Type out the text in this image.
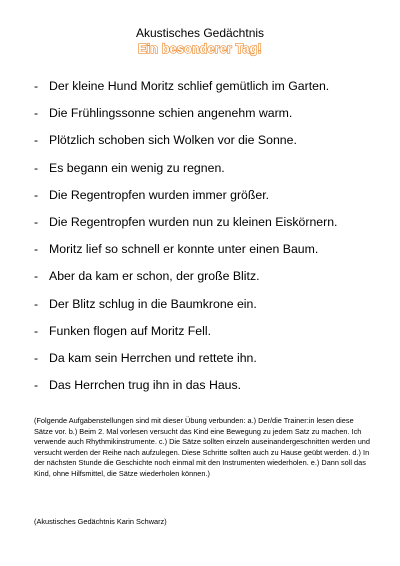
Akustisches Gedächtnis
Ein besonderer Tag!
- Der kleine Hund Moritz schlief gemütlich im Garten.
- Die Frühlingssonne schien angenehm warm.
- Plötzlich schoben sich Wolken vor die Sonne.
- Es begann ein wenig zu regnen.
- Die Regentropfen wurden immer größer.
- Die Regentropfen wurden nun zu kleinen Eiskörnern.
- Moritz lief so schnell er konnte unter einen Baum.
- Aber da kam er schon, der große Blitz.
- Der Blitz schlug in die Baumkrone ein.
- Funken flogen auf Moritz Fell.
- Da kam sein Herrchen und rettete ihn.
- Das Herrchen trug ihn in das Haus.

(Folgende Aufgabenstellungen sind mit dieser Übung verbunden: a.) Der/die Trainer:in lesen diese Sätze vor. b.) Beim 2. Mal vorlesen versucht das Kind eine Bewegung zu jedem Satz zu machen. Ich verwende auch Rhythmikinstrumente. c.) Die Sätze sollten einzeln auseinandergeschnitten werden und versucht werden der Reihe nach aufzulegen. Diese Schritte sollten auch zu Hause geübt werden. d.) In der nächsten Stunde die Geschichte noch einmal mit den Instrumenten wiederholen. e.) Dann soll das Kind, ohne Hilfsmittel, die Sätze wiederholen können.)

(Akustisches Gedächtnis Karin Schwarz)
